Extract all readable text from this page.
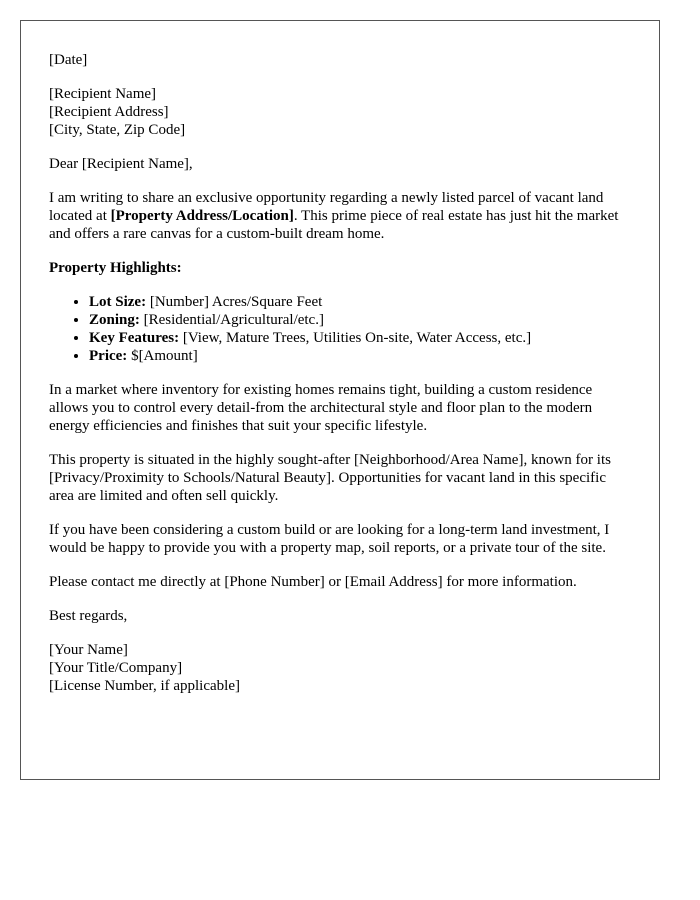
[Date]

[Recipient Name]
[Recipient Address]
[City, State, Zip Code]

Dear [Recipient Name],

I am writing to share an exclusive opportunity regarding a newly listed parcel of vacant land located at [Property Address/Location]. This prime piece of real estate has just hit the market and offers a rare canvas for a custom-built dream home.

Property Highlights:

• Lot Size: [Number] Acres/Square Feet
• Zoning: [Residential/Agricultural/etc.]
• Key Features: [View, Mature Trees, Utilities On-site, Water Access, etc.]
• Price: $[Amount]

In a market where inventory for existing homes remains tight, building a custom residence allows you to control every detail-from the architectural style and floor plan to the modern energy efficiencies and finishes that suit your specific lifestyle.

This property is situated in the highly sought-after [Neighborhood/Area Name], known for its [Privacy/Proximity to Schools/Natural Beauty]. Opportunities for vacant land in this specific area are limited and often sell quickly.

If you have been considering a custom build or are looking for a long-term land investment, I would be happy to provide you with a property map, soil reports, or a private tour of the site.

Please contact me directly at [Phone Number] or [Email Address] for more information.

Best regards,

[Your Name]
[Your Title/Company]
[License Number, if applicable]
